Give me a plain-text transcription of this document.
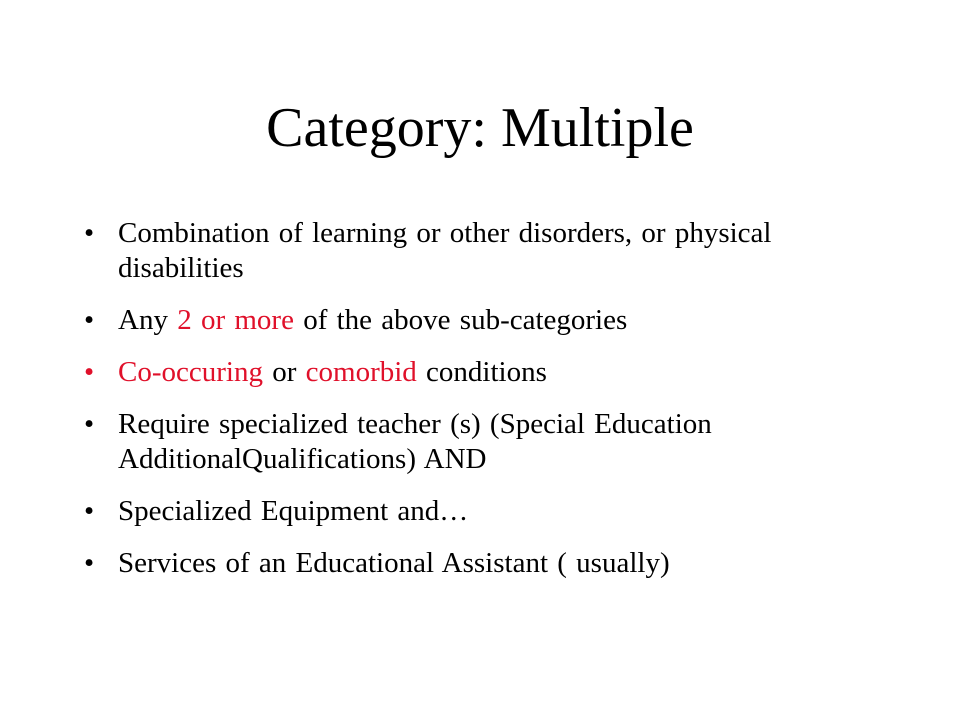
Category: Multiple
• Combination of learning or other disorders, or physical disabilities
• Any 2 or more of the above sub-categories
• Co-occuring or comorbid conditions
• Require specialized teacher (s) (Special Education AdditionalQualifications) AND
• Specialized Equipment and…
• Services of an Educational Assistant ( usually)
